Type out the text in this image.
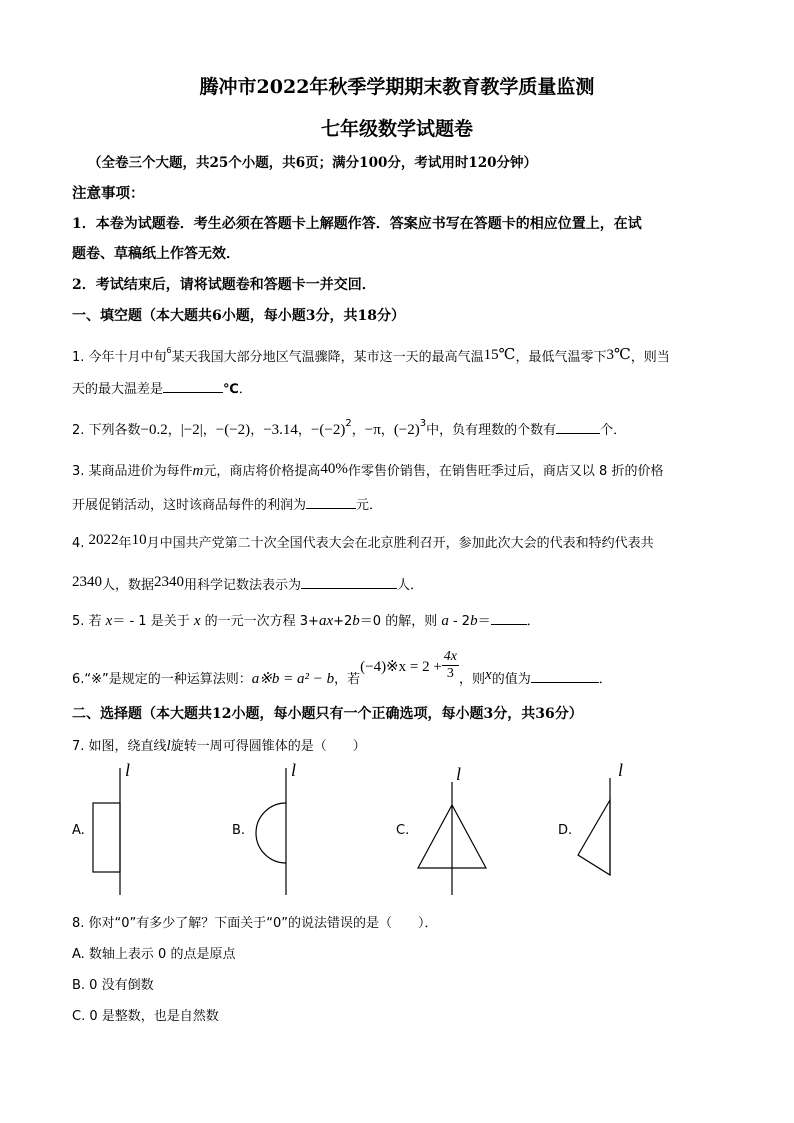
腾冲市2022年秋季学期期末教育教学质量监测
七年级数学试题卷
（全卷三个大题，共25个小题，共6页；满分100分，考试用时120分钟）
注意事项：
1．本卷为试题卷．考生必须在答题卡上解题作答．答案应书写在答题卡的相应位置上，在试
题卷、草稿纸上作答无效．
2．考试结束后，请将试题卷和答题卡一并交回．
一、填空题（本大题共6小题，每小题3分，共18分）
1. 今年十月中旬$^6$某天我国大部分地区气温骤降，某市这一天的最高气温15℃，最低气温零下3℃，则当
天的最大温差是	℃．
2. 下列各数−0.2，|−2|，−(−2)，−3.14，$-(-2)^2$，−π，$(-2)^3$中，负有理数的个数有	个．
3. 某商品进价为每件m元，商店将价格提高40%作零售价销售，在销售旺季过后，商店又以 8 折的价格
开展促销活动，这时该商品每件的利润为	元．
4. 2022年10月中国共产党第二十次全国代表大会在北京胜利召开，参加此次大会的代表和特约代表共
2340人，数据2340用科学记数法表示为	人．
5. 若 x＝ - 1 是关于 x 的一元一次方程 3+ax+2b＝0 的解，则 a - 2b＝	．
6.“※”是规定的一种运算法则：a※b = a² − b，若(−4)※x = $2 + \frac{4x}{3}$ ，则x的值为	．
二、选择题（本大题共12小题，每小题只有一个正确选项，每小题3分，共36分）
7. 如图，绕直线l旋转一周可得圆锥体的是（　　）
A.
l
B.
l
C.
l
D.
l
8. 你对“0”有多少了解？下面关于“0”的说法错误的是（　　）．
A. 数轴上表示 0 的点是原点
B. 0 没有倒数
C. 0 是整数，也是自然数
